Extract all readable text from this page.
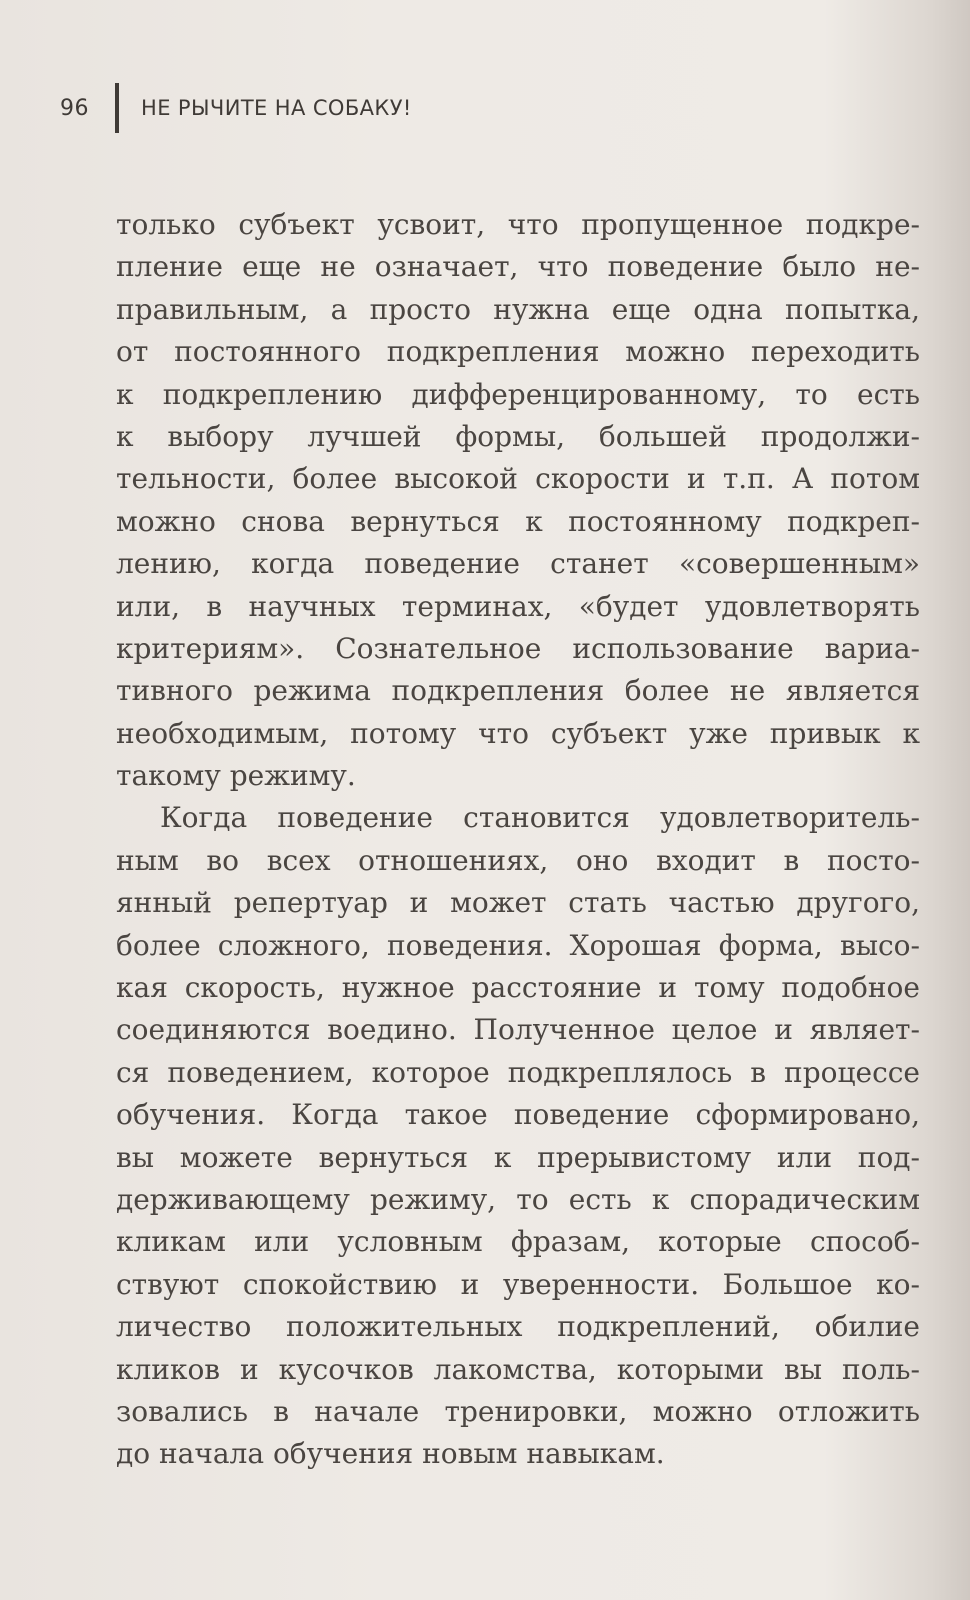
96 НЕ РЫЧИТЕ НА СОБАКУ!

только субъект усвоит, что пропущенное подкре-
пление еще не означает, что поведение было не-
правильным, а просто нужна еще одна попытка,
от постоянного подкрепления можно переходить
к подкреплению дифференцированному, то есть
к выбору лучшей формы, большей продолжи-
тельности, более высокой скорости и т.п. А потом
можно снова вернуться к постоянному подкреп-
лению, когда поведение станет «совершенным»
или, в научных терминах, «будет удовлетворять
критериям». Сознательное использование вариа-
тивного режима подкрепления более не является
необходимым, потому что субъект уже привык к
такому режиму.

Когда поведение становится удовлетворитель-
ным во всех отношениях, оно входит в посто-
янный репертуар и может стать частью другого,
более сложного, поведения. Хорошая форма, высо-
кая скорость, нужное расстояние и тому подобное
соединяются воедино. Полученное целое и являет-
ся поведением, которое подкреплялось в процессе
обучения. Когда такое поведение сформировано,
вы можете вернуться к прерывистому или под-
держивающему режиму, то есть к спорадическим
кликам или условным фразам, которые способ-
ствуют спокойствию и уверенности. Большое ко-
личество положительных подкреплений, обилие
кликов и кусочков лакомства, которыми вы поль-
зовались в начале тренировки, можно отложить
до начала обучения новым навыкам.
